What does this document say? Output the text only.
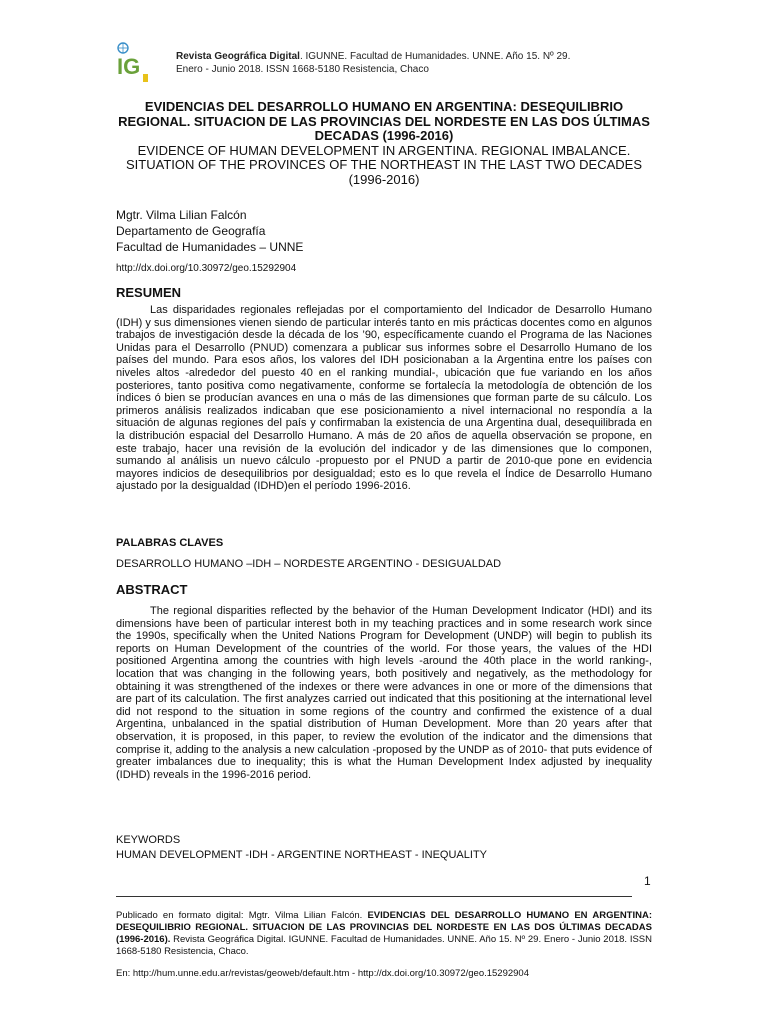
IG	Revista Geográfica Digital. IGUNNE. Facultad de Humanidades. UNNE. Año 15. Nº 29.
Enero - Junio 2018. ISSN 1668-5180 Resistencia, Chaco

EVIDENCIAS DEL DESARROLLO HUMANO EN ARGENTINA: DESEQUILIBRIO REGIONAL. SITUACION DE LAS PROVINCIAS DEL NORDESTE EN LAS DOS ÚLTIMAS DECADAS (1996-2016)

EVIDENCE OF HUMAN DEVELOPMENT IN ARGENTINA. REGIONAL IMBALANCE. SITUATION OF THE PROVINCES OF THE NORTHEAST IN THE LAST TWO DECADES (1996-2016)

Mgtr. Vilma Lilian Falcón
Departamento de Geografía
Facultad de Humanidades – UNNE
http://dx.doi.org/10.30972/geo.15292904
RESUMEN

Las disparidades regionales reflejadas por el comportamiento del Indicador de Desarrollo Humano (IDH) y sus dimensiones vienen siendo de particular interés tanto en mis prácticas docentes como en algunos trabajos de investigación desde la década de los ’90, específicamente cuando el Programa de las Naciones Unidas para el Desarrollo (PNUD) comenzara a publicar sus informes sobre el Desarrollo Humano de los países del mundo. Para esos años, los valores del IDH posicionaban a la Argentina entre los países con niveles altos -alrededor del puesto 40 en el ranking mundial-, ubicación que fue variando en los años posteriores, tanto positiva como negativamente, conforme se fortalecía la metodología de obtención de los índices ó bien se producían avances en una o más de las dimensiones que forman parte de su cálculo. Los primeros análisis realizados indicaban que ese posicionamiento a nivel internacional no respondía a la situación de algunas regiones del país y confirmaban la existencia de una Argentina dual, desequilibrada en la distribución espacial del Desarrollo Humano. A más de 20 años de aquella observación se propone, en este trabajo, hacer una revisión de la evolución del indicador y de las dimensiones que lo componen, sumando al análisis un nuevo cálculo -propuesto por el PNUD a partir de 2010-que pone en evidencia mayores indicios de desequilibrios por desigualdad; esto es lo que revela el Índice de Desarrollo Humano ajustado por la desigualdad (IDHD)en el período 1996-2016.

PALABRAS CLAVES
DESARROLLO HUMANO –IDH – NORDESTE ARGENTINO - DESIGUALDAD
ABSTRACT

The regional disparities reflected by the behavior of the Human Development Indicator (HDI) and its dimensions have been of particular interest both in my teaching practices and in some research work since the 1990s, specifically when the United Nations Program for Development (UNDP) will begin to publish its reports on Human Development of the countries of the world. For those years, the values of the HDI positioned Argentina among the countries with high levels -around the 40th place in the world ranking-, location that was changing in the following years, both positively and negatively, as the methodology for obtaining it was strengthened of the indexes or there were advances in one or more of the dimensions that are part of its calculation. The first analyzes carried out indicated that this positioning at the international level did not respond to the situation in some regions of the country and confirmed the existence of a dual Argentina, unbalanced in the spatial distribution of Human Development. More than 20 years after that observation, it is proposed, in this paper, to review the evolution of the indicator and the dimensions that comprise it, adding to the analysis a new calculation -proposed by the UNDP as of 2010- that puts evidence of greater imbalances due to inequality; this is what the Human Development Index adjusted by inequality (IDHD) reveals in the 1996-2016 period.

KEYWORDS
HUMAN DEVELOPMENT -IDH - ARGENTINE NORTHEAST - INEQUALITY
1
Publicado en formato digital: Mgtr. Vilma Lilian Falcón. EVIDENCIAS DEL DESARROLLO HUMANO EN ARGENTINA: DESEQUILIBRIO REGIONAL. SITUACION DE LAS PROVINCIAS DEL NORDESTE EN LAS DOS ÚLTIMAS DECADAS (1996-2016). Revista Geográfica Digital. IGUNNE. Facultad de Humanidades. UNNE. Año 15. Nº 29. Enero - Junio 2018. ISSN 1668-5180 Resistencia, Chaco.
En: http://hum.unne.edu.ar/revistas/geoweb/default.htm - http://dx.doi.org/10.30972/geo.15292904
